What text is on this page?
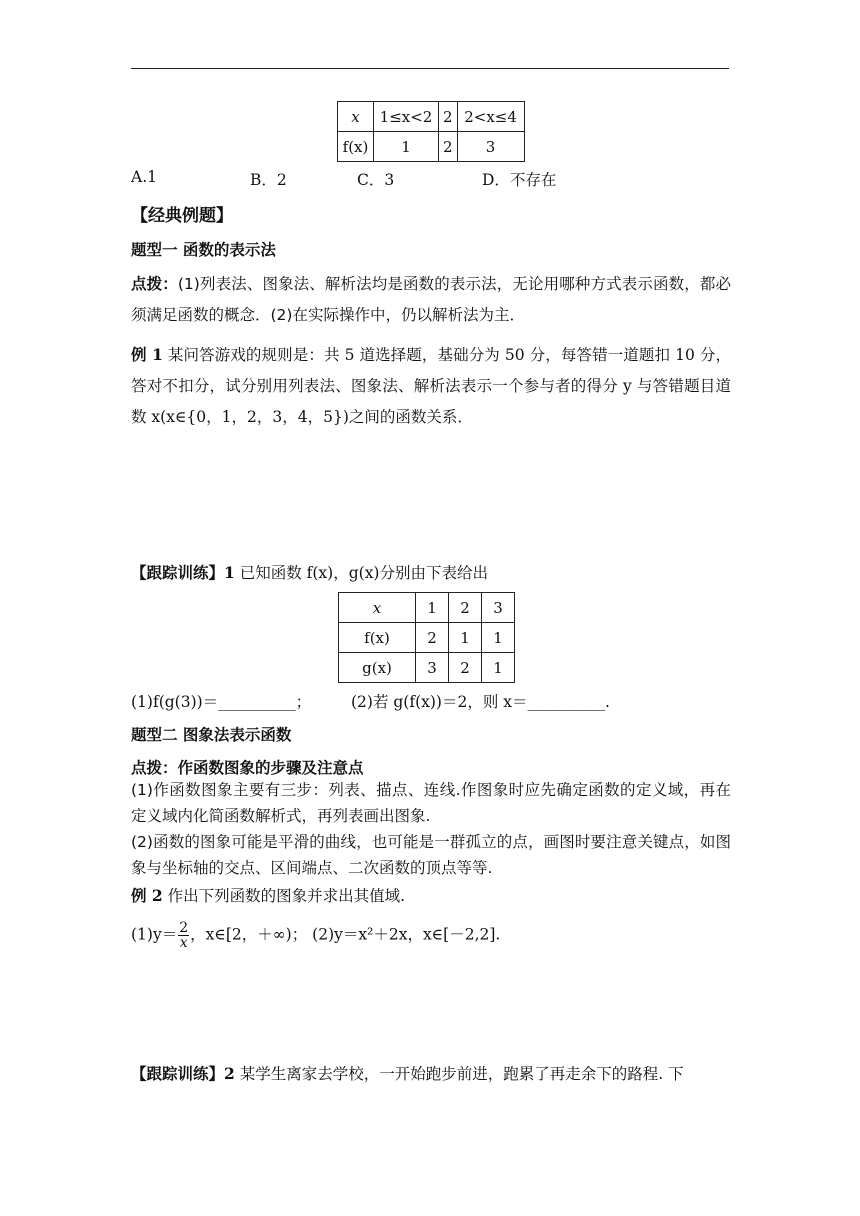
x	1≤x<2	2	2<x≤4
f(x)	1	2	3
A.1	B．2	C．3	D．不存在
【经典例题】
题型一 函数的表示法
点拨：(1)列表法、图象法、解析法均是函数的表示法，无论用哪种方式表示函数，都必须满足函数的概念．(2)在实际操作中，仍以解析法为主．
例 1 某问答游戏的规则是：共 5 道选择题，基础分为 50 分，每答错一道题扣 10 分，答对不扣分，试分别用列表法、图象法、解析法表示一个参与者的得分 y 与答错题目道数 x(x∈{0，1，2，3，4，5})之间的函数关系．
【跟踪训练】1 已知函数 f(x)，g(x)分别由下表给出
x	1	2	3
f(x)	2	1	1
g(x)	3	2	1
(1)f(g(3))＝__________；	(2)若 g(f(x))＝2，则 x＝__________.
题型二 图象法表示函数
点拨：作函数图象的步骤及注意点
(1)作函数图象主要有三步：列表、描点、连线.作图象时应先确定函数的定义域，再在定义域内化简函数解析式，再列表画出图象.
(2)函数的图象可能是平滑的曲线，也可能是一群孤立的点，画图时要注意关键点，如图象与坐标轴的交点、区间端点、二次函数的顶点等等.
例 2 作出下列函数的图象并求出其值域.
$(1)y= \frac{2}{x}$ ，x∈[2，＋∞)； (2)y＝x²＋2x，x∈[－2,2].
【跟踪训练】2 某学生离家去学校，一开始跑步前进，跑累了再走余下的路程. 下
